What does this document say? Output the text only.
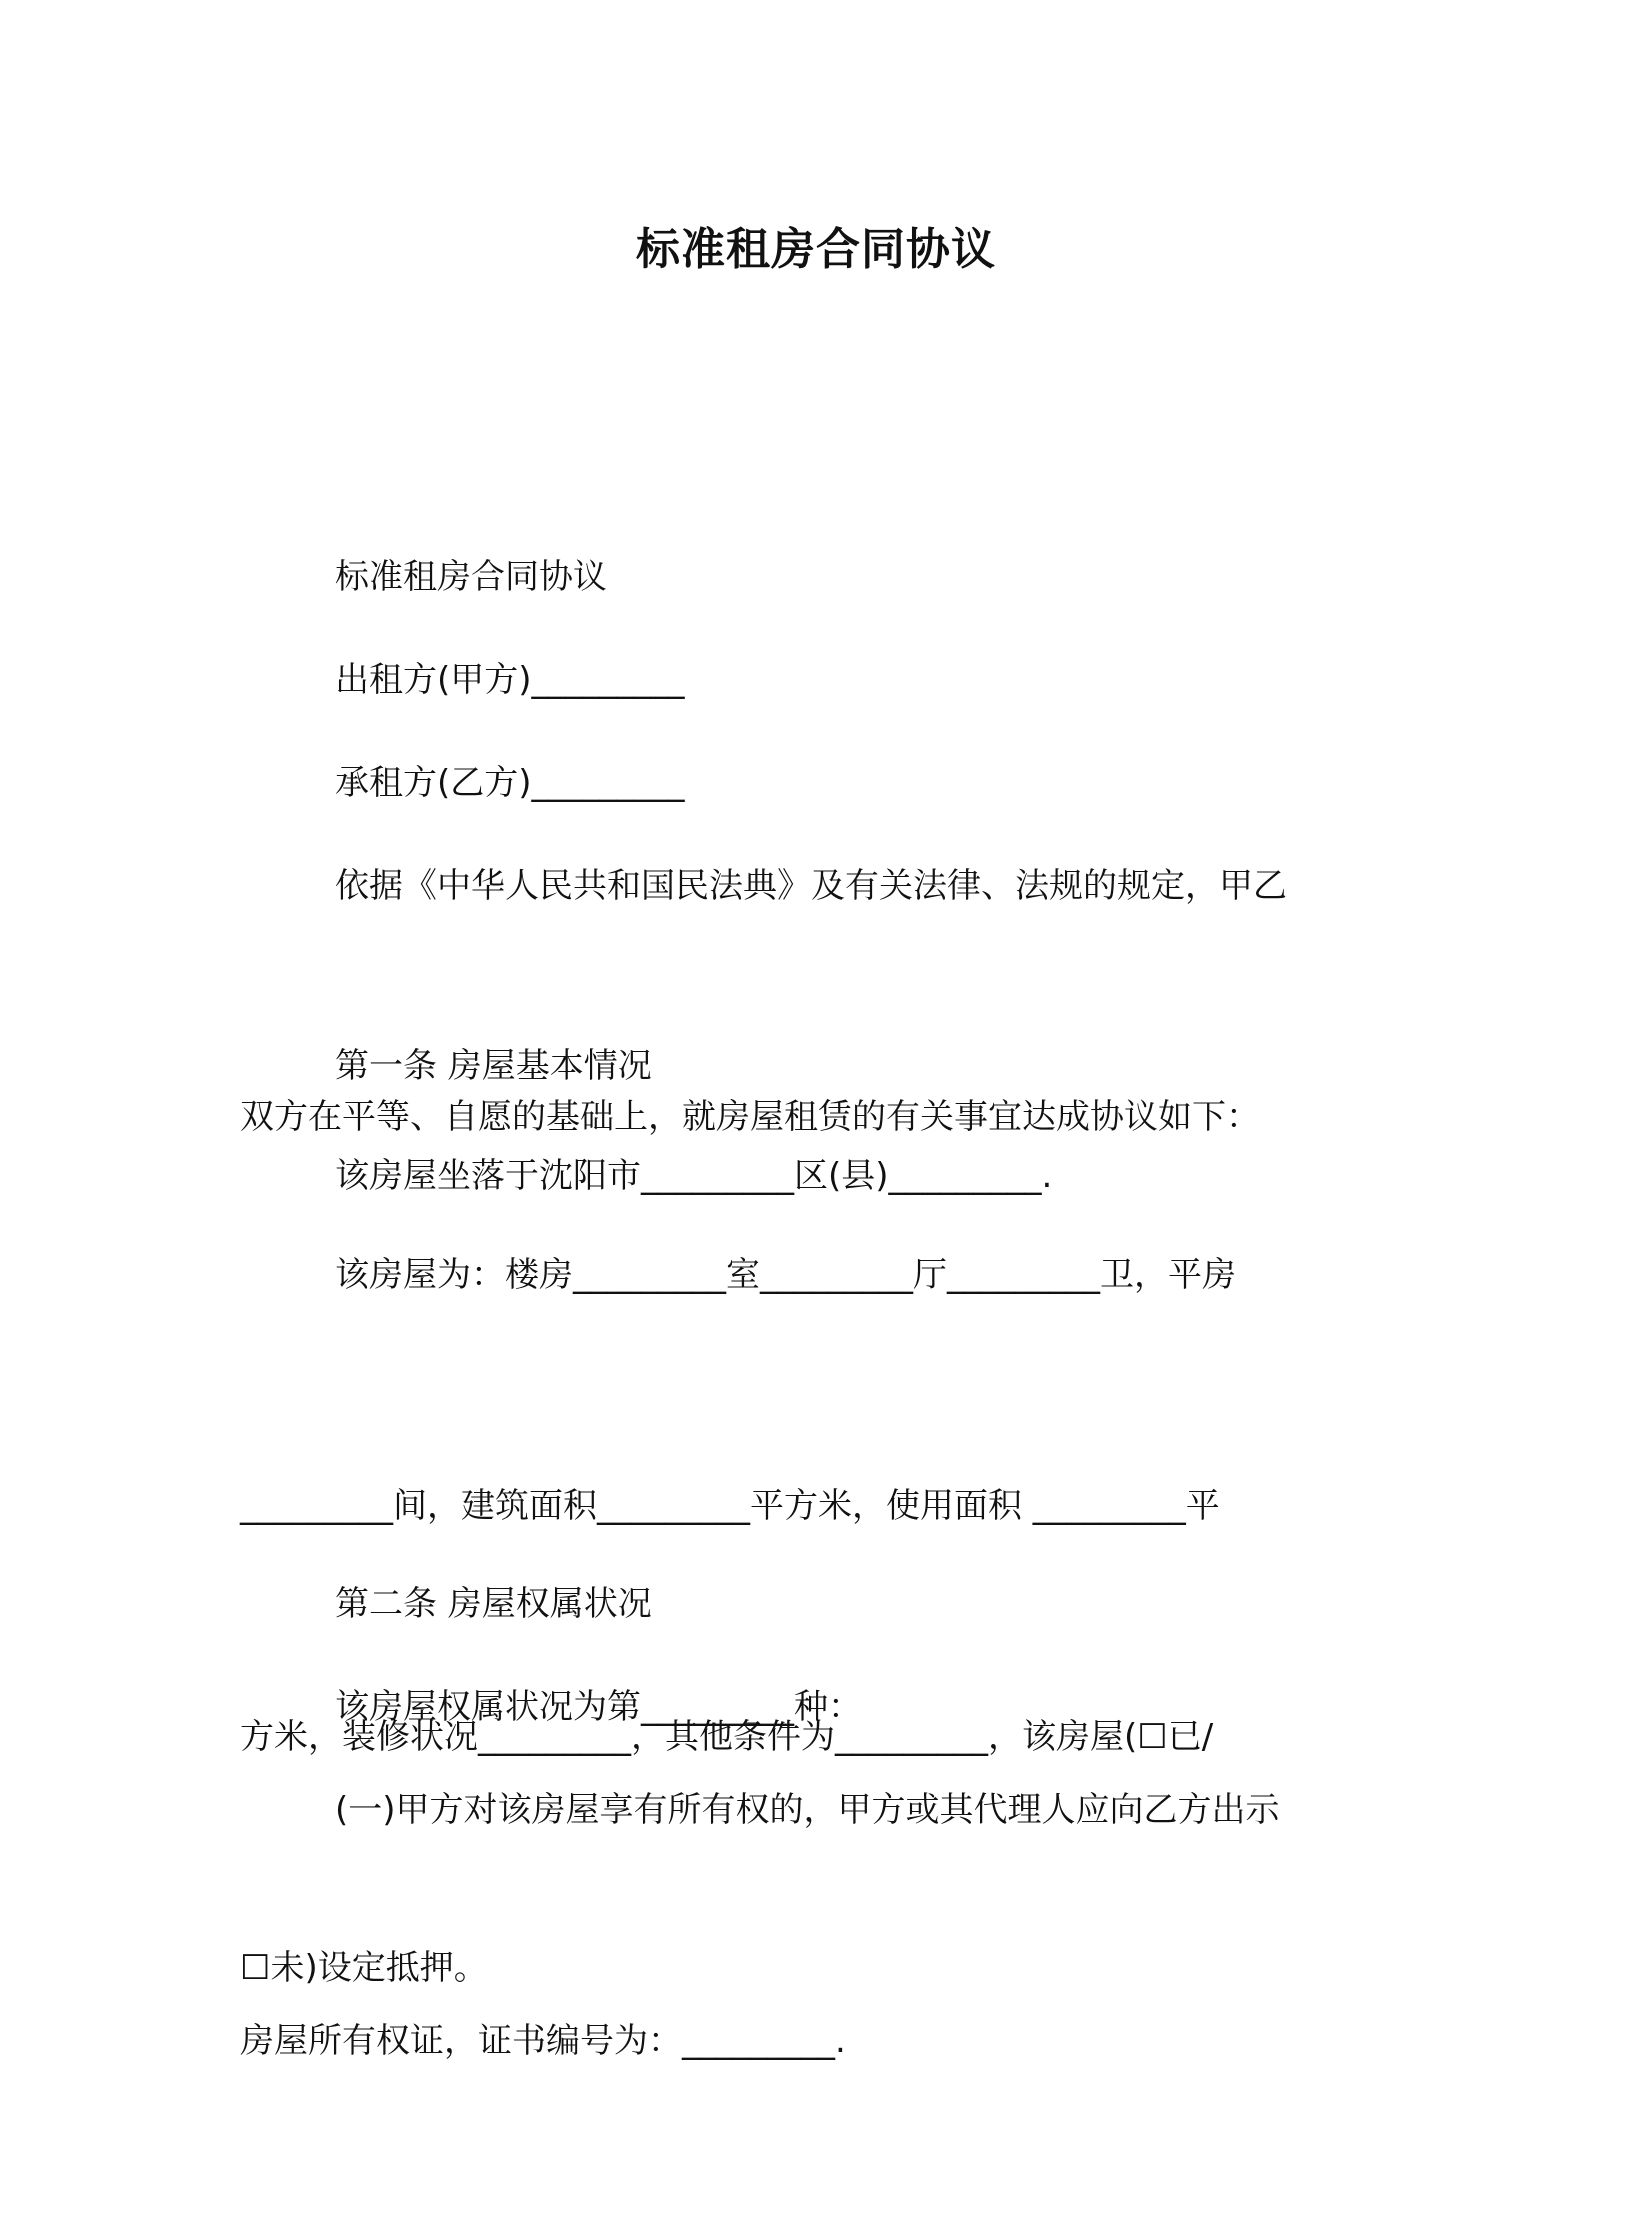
标准租房合同协议

标准租房合同协议

出租方(甲方)_________

承租方(乙方)_________

依据《中华人民共和国民法典》及有关法律、法规的规定，甲乙

双方在平等、自愿的基础上，就房屋租赁的有关事宜达成协议如下：

第一条 房屋基本情况

该房屋坐落于沈阳市_________区(县)_________.

该房屋为：楼房_________室_________厅_________卫，平房

_________间，建筑面积_________平方米，使用面积 _________平

方米，装修状况_________，其他条件为_________，该房屋(☐已/

☐未)设定抵押。

第二条 房屋权属状况

该房屋权属状况为第_________种：

(一)甲方对该房屋享有所有权的，甲方或其代理人应向乙方出示

房屋所有权证，证书编号为：_________.
